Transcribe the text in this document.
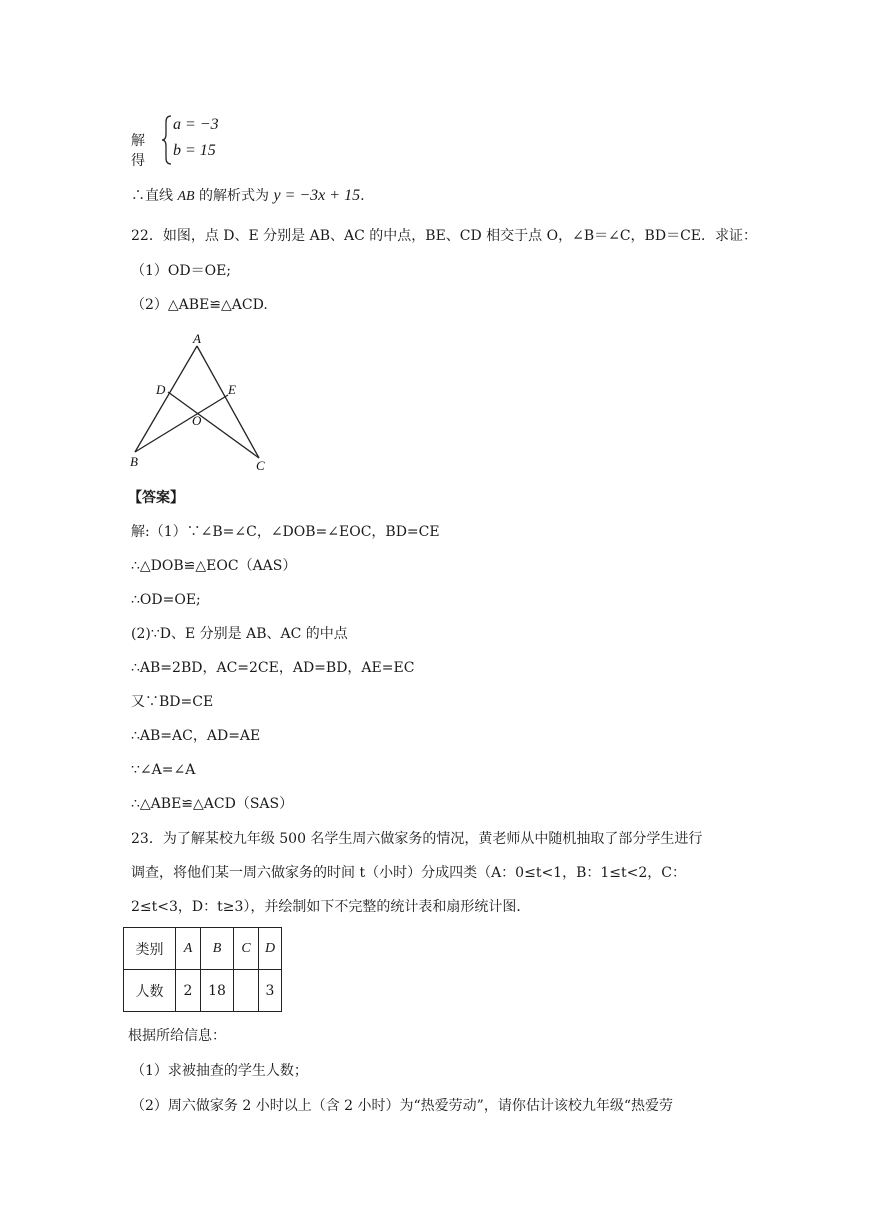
解得
a = −3
b = 15
∴直线 AB 的解析式为 y = −3x + 15.
22．如图，点 D、E 分别是 AB、AC 的中点，BE、CD 相交于点 O，∠B＝∠C，BD＝CE．求证：
（1）OD＝OE;
（2）△ABE≌△ACD.
A
D	E
O
B	C
【答案】
解:（1）∵∠B=∠C，∠DOB=∠EOC，BD=CE
∴△DOB≌△EOC（AAS）
∴OD=OE;
(2)∵D、E 分别是 AB、AC 的中点
∴AB=2BD，AC=2CE，AD=BD，AE=EC
又∵BD=CE
∴AB=AC，AD=AE
∵∠A=∠A
∴△ABE≌△ACD（SAS）
23．为了解某校九年级 500 名学生周六做家务的情况，黄老师从中随机抽取了部分学生进行
调查，将他们某一周六做家务的时间 t（小时）分成四类（A：0≤t<1，B：1≤t<2，C：
2≤t<3，D：t≥3），并绘制如下不完整的统计表和扇形统计图．
类别	A	B	C	D
人数	2	18		3
根据所给信息：
（1）求被抽查的学生人数；
（2）周六做家务 2 小时以上（含 2 小时）为“热爱劳动”，请你估计该校九年级“热爱劳
